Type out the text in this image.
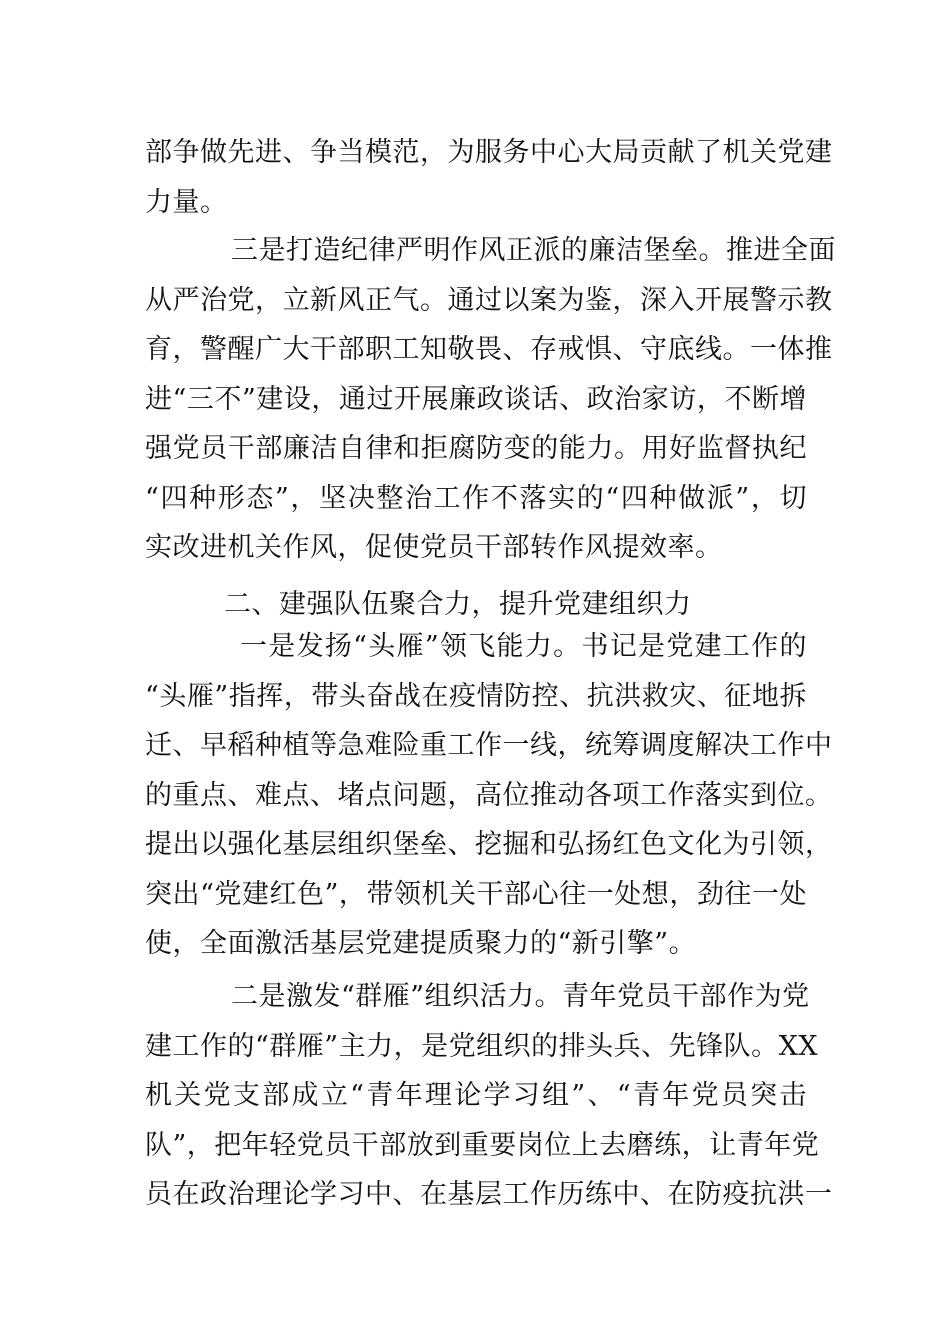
部争做先进、争当模范，为服务中心大局贡献了机关党建
力量。
三是打造纪律严明作风正派的廉洁堡垒。推进全面
从严治党，立新风正气。通过以案为鉴，深入开展警示教
育，警醒广大干部职工知敬畏、存戒惧、守底线。一体推
进“三不”建设，通过开展廉政谈话、政治家访，不断增
强党员干部廉洁自律和拒腐防变的能力。用好监督执纪
“四种形态”，坚决整治工作不落实的“四种做派”，切
实改进机关作风，促使党员干部转作风提效率。
二、建强队伍聚合力，提升党建组织力
一是发扬“头雁”领飞能力。书记是党建工作的
“头雁”指挥，带头奋战在疫情防控、抗洪救灾、征地拆
迁、早稻种植等急难险重工作一线，统筹调度解决工作中
的重点、难点、堵点问题，高位推动各项工作落实到位。
提出以强化基层组织堡垒、挖掘和弘扬红色文化为引领，
突出“党建红色”，带领机关干部心往一处想，劲往一处
使，全面激活基层党建提质聚力的“新引擎”。
二是激发“群雁”组织活力。青年党员干部作为党
建工作的“群雁”主力，是党组织的排头兵、先锋队。XX
机关党支部成立“青年理论学习组”、“青年党员突击
队”，把年轻党员干部放到重要岗位上去磨练，让青年党
员在政治理论学习中、在基层工作历练中、在防疫抗洪一
